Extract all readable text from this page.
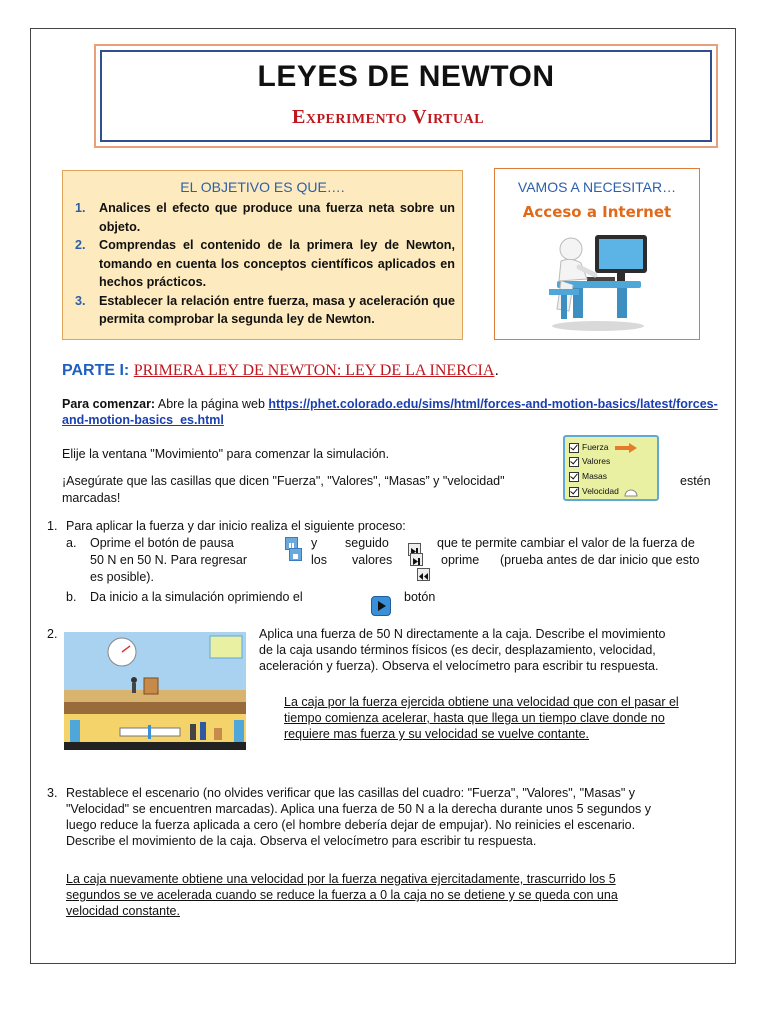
LEYES DE NEWTON
Experimento Virtual
EL OBJETIVO ES QUE….
1. Analices el efecto que produce una fuerza neta sobre un objeto.
2. Comprendas el contenido de la primera ley de Newton, tomando en cuenta los conceptos científicos aplicados en hechos prácticos.
3. Establecer la relación entre fuerza, masa y aceleración que permita comprobar la segunda ley de Newton.
VAMOS A NECESITAR…
Acceso a Internet
PARTE I: PRIMERA LEY DE NEWTON: LEY DE LA INERCIA.
Para comenzar: Abre la página web https://phet.colorado.edu/sims/html/forces-and-motion-basics/latest/forces-
and-motion-basics_es.html
Elije la ventana "Movimiento" para comenzar la simulación.
¡Asegúrate que las casillas que dicen "Fuerza", "Valores", “Masas” y "velocidad"	estén
marcadas!
Fuerza
Valores
Masas
Velocidad
1. Para aplicar la fuerza y dar inicio realiza el siguiente proceso:
a. Oprime el botón de pausa	y seguido	que te permite cambiar el valor de la fuerza de
50 N en 50 N. Para regresar	los valores	oprime (prueba antes de dar inicio que esto
es posible).
b. Da inicio a la simulación oprimiendo el	botón
2.	Aplica una fuerza de 50 N directamente a la caja. Describe el movimiento
de la caja usando términos físicos (es decir, desplazamiento, velocidad,
aceleración y fuerza). Observa el velocímetro para escribir tu respuesta.
La caja por la fuerza ejercida obtiene una velocidad que con el pasar el
tiempo comienza acelerar, hasta que llega un tiempo clave donde no
requiere mas fuerza y su velocidad se vuelve contante.
3. Restablece el escenario (no olvides verificar que las casillas del cuadro: "Fuerza", "Valores", "Masas" y
"Velocidad" se encuentren marcadas). Aplica una fuerza de 50 N a la derecha durante unos 5 segundos y
luego reduce la fuerza aplicada a cero (el hombre debería dejar de empujar). No reinicies el escenario.
Describe el movimiento de la caja. Observa el velocímetro para escribir tu respuesta.
La caja nuevamente obtiene una velocidad por la fuerza negativa ejercitadamente, trascurrido los 5
segundos se ve acelerada cuando se reduce la fuerza a 0 la caja no se detiene y se queda con una
velocidad constante.
